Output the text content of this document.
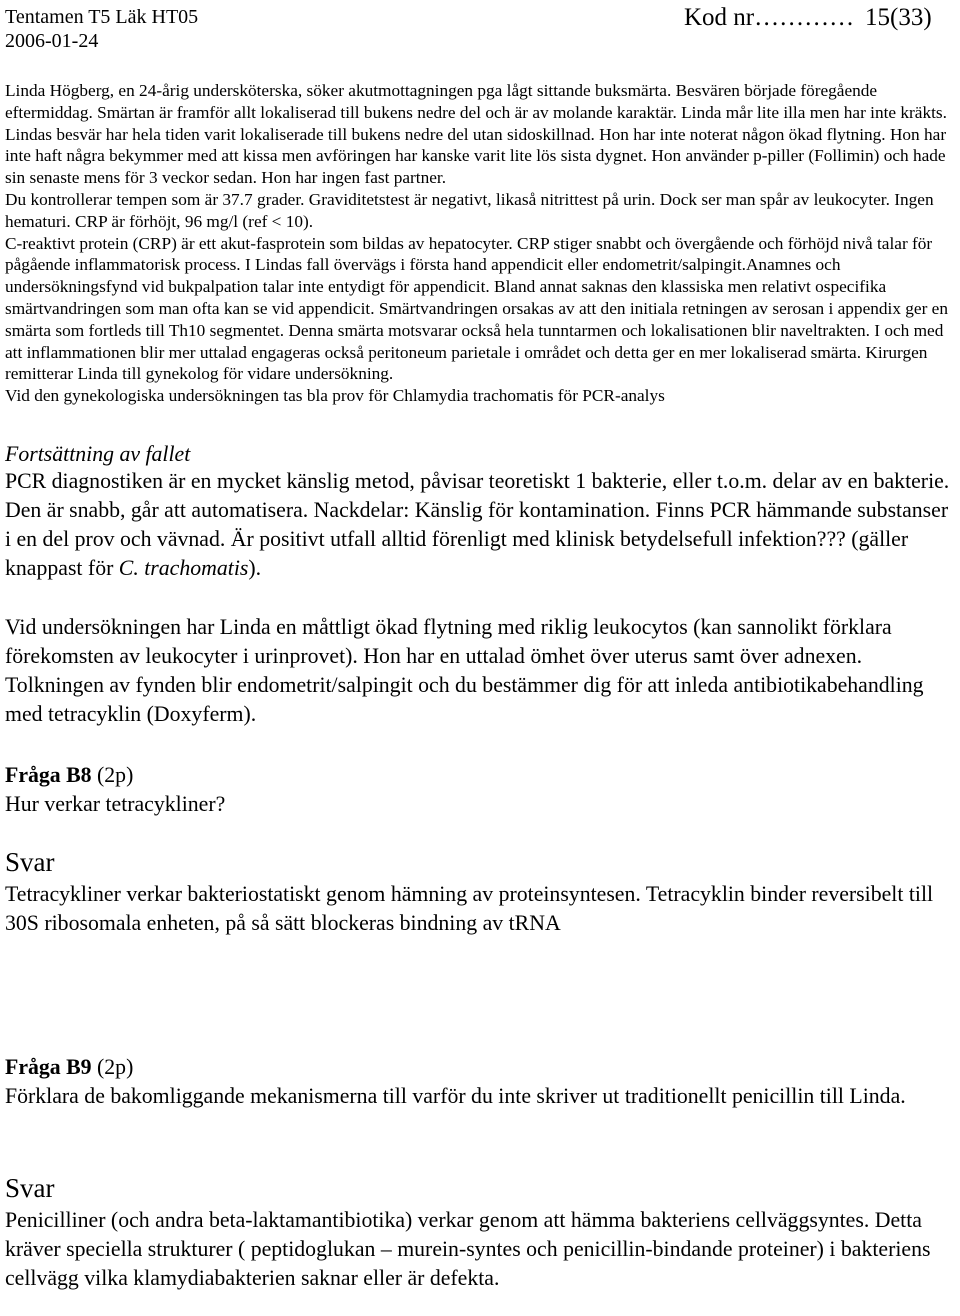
Tentamen T5 Läk HT05	Kod nr………… 15(33)
2006-01-24

Linda Högberg, en 24-årig undersköterska, söker akutmottagningen pga lågt sittande buksmärta. Besvären började föregående eftermiddag. Smärtan är framför allt lokaliserad till bukens nedre del och är av molande karaktär. Linda mår lite illa men har inte kräkts. Lindas besvär har hela tiden varit lokaliserade till bukens nedre del utan sidoskillnad. Hon har inte noterat någon ökad flytning. Hon har inte haft några bekymmer med att kissa men avföringen har kanske varit lite lös sista dygnet. Hon använder p-piller (Follimin) och hade sin senaste mens för 3 veckor sedan. Hon har ingen fast partner.

Du kontrollerar tempen som är 37.7 grader. Graviditetstest är negativt, likaså nitrittest på urin. Dock ser man spår av leukocyter. Ingen hematuri. CRP är förhöjt, 96 mg/l (ref < 10).

C-reaktivt protein (CRP) är ett akut-fasprotein som bildas av hepatocyter. CRP stiger snabbt och övergående och förhöjd nivå talar för pågående inflammatorisk process. I Lindas fall övervägs i första hand appendicit eller endometrit/salpingit.Anamnes och undersökningsfynd vid bukpalpation talar inte entydigt för appendicit. Bland annat saknas den klassiska men relativt ospecifika smärtvandringen som man ofta kan se vid appendicit. Smärtvandringen orsakas av att den initiala retningen av serosan i appendix ger en smärta som fortleds till Th10 segmentet. Denna smärta motsvarar också hela tunntarmen och lokalisationen blir naveltrakten. I och med att inflammationen blir mer uttalad engageras också peritoneum parietale i området och detta ger en mer lokaliserad smärta. Kirurgen remitterar Linda till gynekolog för vidare undersökning.

Vid den gynekologiska undersökningen tas bla prov för Chlamydia trachomatis för PCR-analys

Fortsättning av fallet
PCR diagnostiken är en mycket känslig metod, påvisar teoretiskt 1 bakterie, eller t.o.m. delar av en bakterie. Den är snabb, går att automatisera. Nackdelar: Känslig för kontamination. Finns PCR hämmande substanser i en del prov och vävnad. Är positivt utfall alltid förenligt med klinisk betydelsefull infektion??? (gäller knappast för C. trachomatis).
Vid undersökningen har Linda en måttligt ökad flytning med riklig leukocytos (kan sannolikt förklara förekomsten av leukocyter i urinprovet). Hon har en uttalad ömhet över uterus samt över adnexen. Tolkningen av fynden blir endometrit/salpingit och du bestämmer dig för att inleda antibiotikabehandling med tetracyklin (Doxyferm).
Fråga B8 (2p)
Hur verkar tetracykliner?
Svar

Tetracykliner verkar bakteriostatiskt genom hämning av proteinsyntesen. Tetracyklin binder reversibelt till 30S ribosomala enheten, på så sätt blockeras bindning av tRNA

Fråga B9 (2p)
Förklara de bakomliggande mekanismerna till varför du inte skriver ut traditionellt penicillin till Linda.
Svar

Penicilliner (och andra beta-laktamantibiotika) verkar genom att hämma bakteriens cellväggsyntes. Detta kräver speciella strukturer ( peptidoglukan – murein-syntes och penicillin-bindande proteiner) i bakteriens cellvägg vilka klamydiabakterien saknar eller är defekta.
